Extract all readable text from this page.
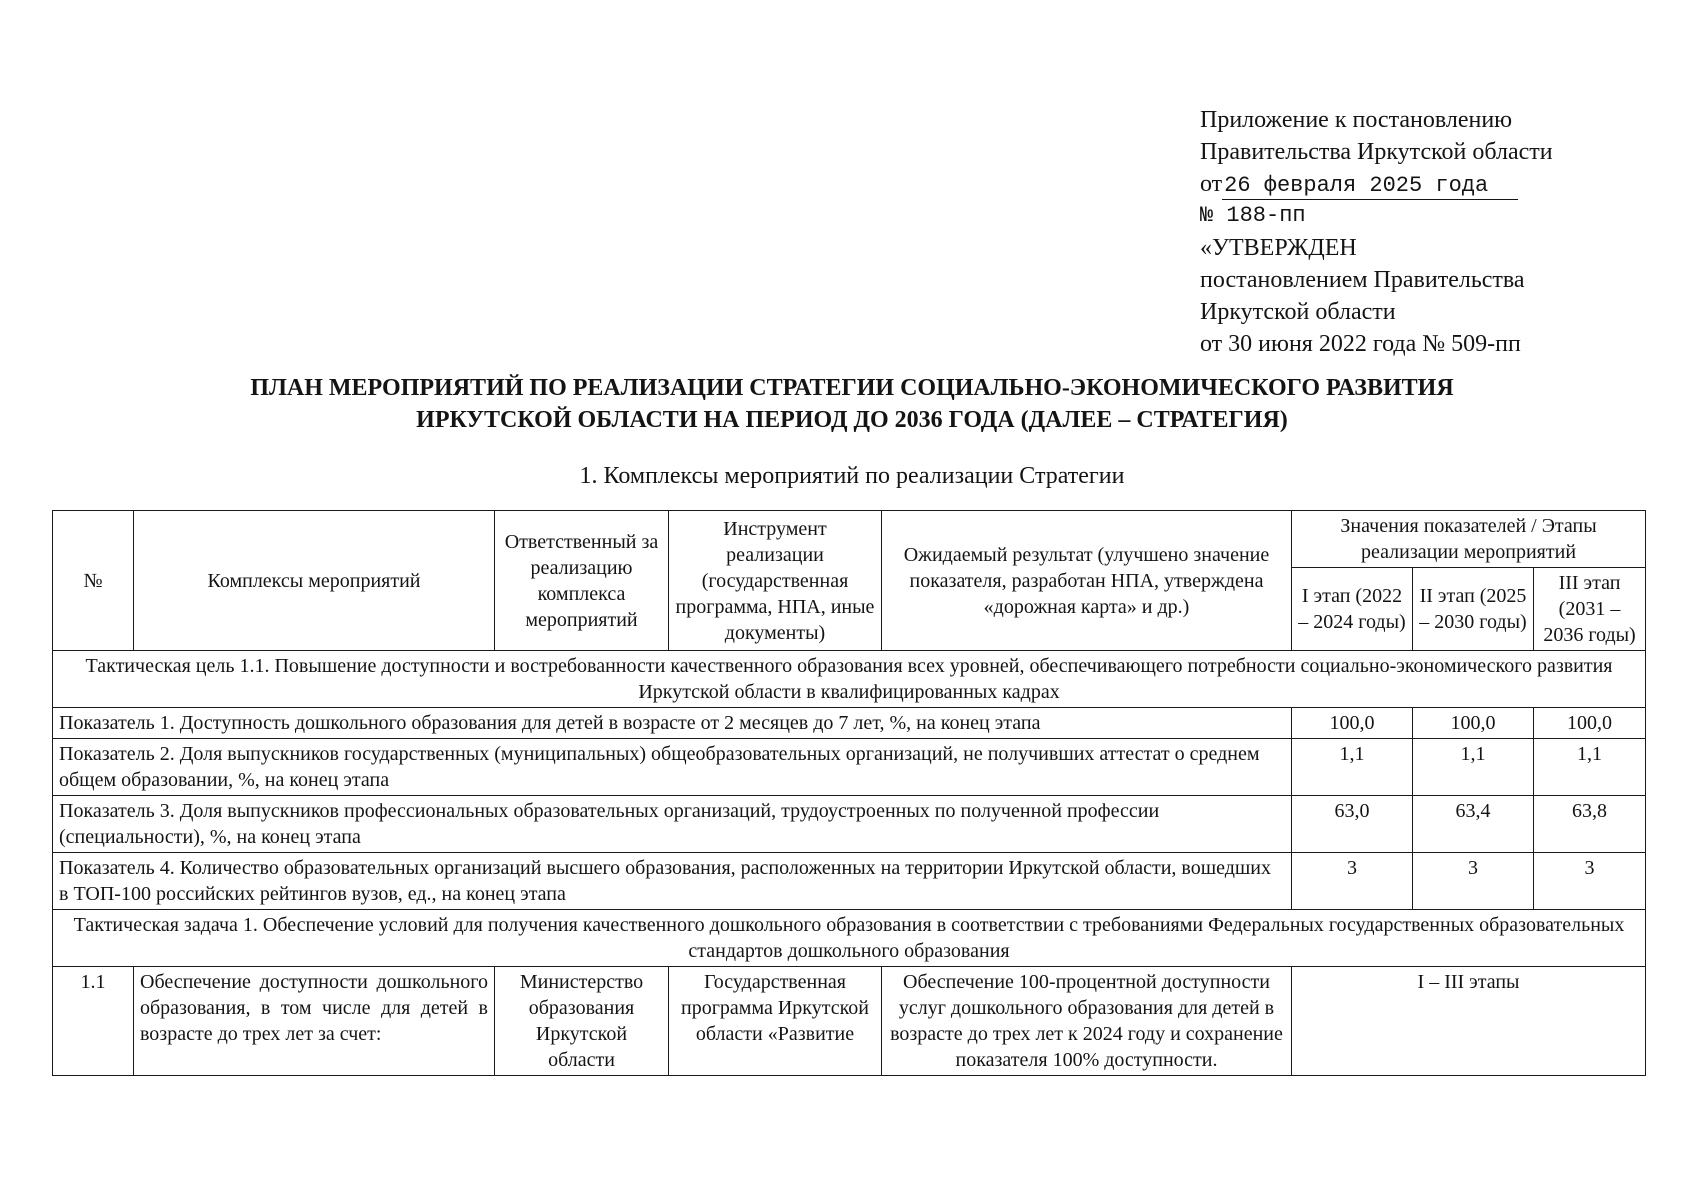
Приложение к постановлению
Правительства Иркутской области
от26 февраля 2025 года
№ 188-пп
«УТВЕРЖДЕН
постановлением Правительства
Иркутской области
от 30 июня 2022 года № 509-пп
ПЛАН МЕРОПРИЯТИЙ ПО РЕАЛИЗАЦИИ СТРАТЕГИИ СОЦИАЛЬНО-ЭКОНОМИЧЕСКОГО РАЗВИТИЯ
ИРКУТСКОЙ ОБЛАСТИ НА ПЕРИОД ДО 2036 ГОДА (ДАЛЕЕ – СТРАТЕГИЯ)
1. Комплексы мероприятий по реализации Стратегии
№	Комплексы мероприятий	Ответственный за реализацию комплекса мероприятий	Инструмент реализации (государственная программа, НПА, иные документы)	Ожидаемый результат (улучшено значение показателя, разработан НПА, утверждена «дорожная карта» и др.)	Значения показателей / Этапы реализации мероприятий		
					I этап (2022 – 2024 годы)	II этап (2025 – 2030 годы)	III этап (2031 – 2036 годы)
Тактическая цель 1.1. Повышение доступности и востребованности качественного образования всех уровней, обеспечивающего потребности социально-экономического развития Иркутской области в квалифицированных кадрах							
Показатель 1. Доступность дошкольного образования для детей в возрасте от 2 месяцев до 7 лет, %, на конец этапа					100,0	100,0	100,0
Показатель 2. Доля выпускников государственных (муниципальных) общеобразовательных организаций, не получивших аттестат о среднем общем образовании, %, на конец этапа					1,1	1,1	1,1
Показатель 3. Доля выпускников профессиональных образовательных организаций, трудоустроенных по полученной профессии (специальности), %, на конец этапа					63,0	63,4	63,8
Показатель 4. Количество образовательных организаций высшего образования, расположенных на территории Иркутской области, вошедших в ТОП-100 российских рейтингов вузов, ед., на конец этапа					3	3	3
Тактическая задача 1. Обеспечение условий для получения качественного дошкольного образования в соответствии с требованиями Федеральных государственных образовательных стандартов дошкольного образования							
1.1	Обеспечение доступности дошкольного образования, в том числе для детей в возрасте до трех лет за счет:	Министерство образования Иркутской области	Государственная программа Иркутской области «Развитие	Обеспечение 100-процентной доступности услуг дошкольного образования для детей в возрасте до трех лет к 2024 году и сохранение показателя 100% доступности.	I – III этапы		
